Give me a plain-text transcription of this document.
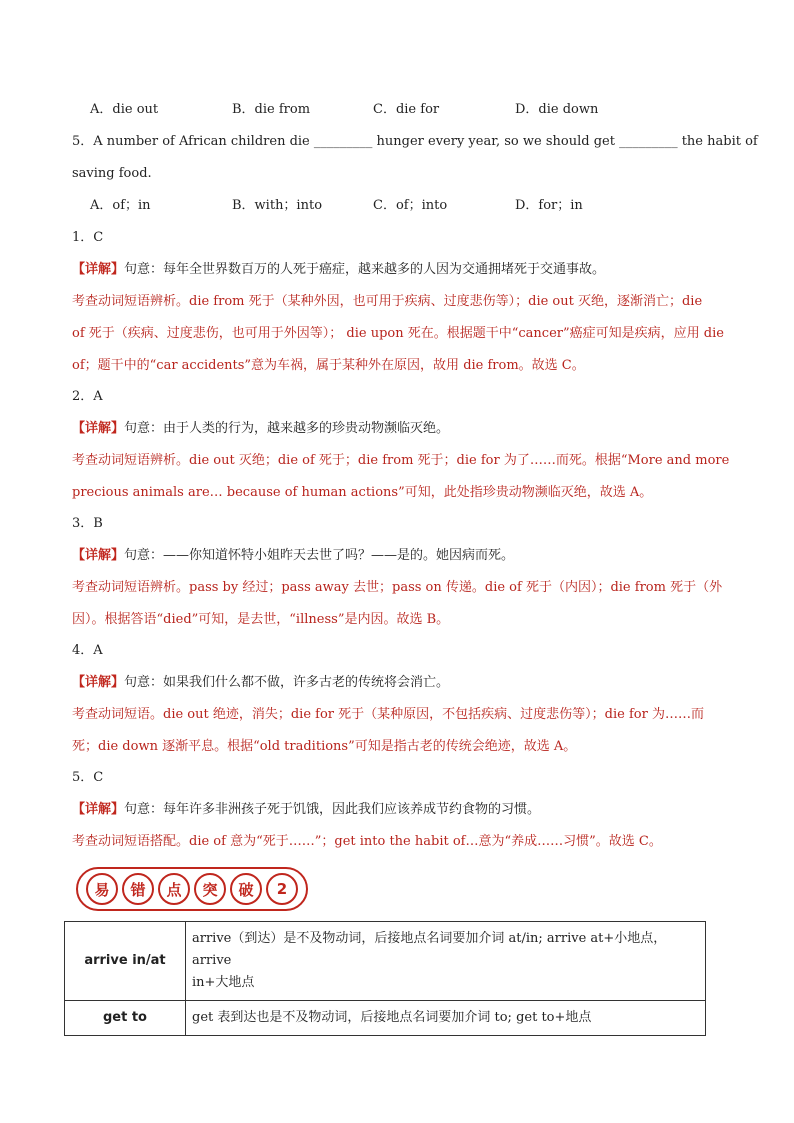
A．die out	B．die from	C．die for	D．die down
5．A number of African children die _________ hunger every year, so we should get _________ the habit of
saving food.
A．of；in	B．with；into	C．of；into	D．for；in
1．C
【详解】句意：每年全世界数百万的人死于癌症，越来越多的人因为交通拥堵死于交通事故。
考查动词短语辨析。die from 死于（某种外因，也可用于疾病、过度悲伤等）；die out 灭绝，逐渐消亡；die
of 死于（疾病、过度悲伤，也可用于外因等）； die upon 死在。根据题干中“cancer”癌症可知是疾病，应用 die
of；题干中的“car accidents”意为车祸，属于某种外在原因，故用 die from。故选 C。
2．A
【详解】句意：由于人类的行为，越来越多的珍贵动物濒临灭绝。
考查动词短语辨析。die out 灭绝；die of 死于；die from 死于；die for 为了……而死。根据“More and more
precious animals are… because of human actions”可知，此处指珍贵动物濒临灭绝，故选 A。
3．B
【详解】句意：——你知道怀特小姐昨天去世了吗？——是的。她因病而死。
考查动词短语辨析。pass by 经过；pass away 去世；pass on 传递。die of 死于（内因）；die from 死于（外
因）。根据答语“died”可知，是去世，“illness”是内因。故选 B。
4．A
【详解】句意：如果我们什么都不做，许多古老的传统将会消亡。
考查动词短语。die out 绝迹，消失；die for 死于（某种原因，不包括疾病、过度悲伤等）；die for 为……而
死；die down 逐渐平息。根据“old traditions”可知是指古老的传统会绝迹，故选 A。
5．C
【详解】句意：每年许多非洲孩子死于饥饿，因此我们应该养成节约食物的习惯。
考查动词短语搭配。die of 意为“死于……”；get into the habit of…意为“养成……习惯”。故选 C。
易	错	点	突	破	2
arrive in/at	arrive（到达）是不及物动词，后接地点名词要加介词 at/in; arrive at+小地点，arrive
in+大地点

get to	get 表到达也是不及物动词，后接地点名词要加介词 to; get to+地点
